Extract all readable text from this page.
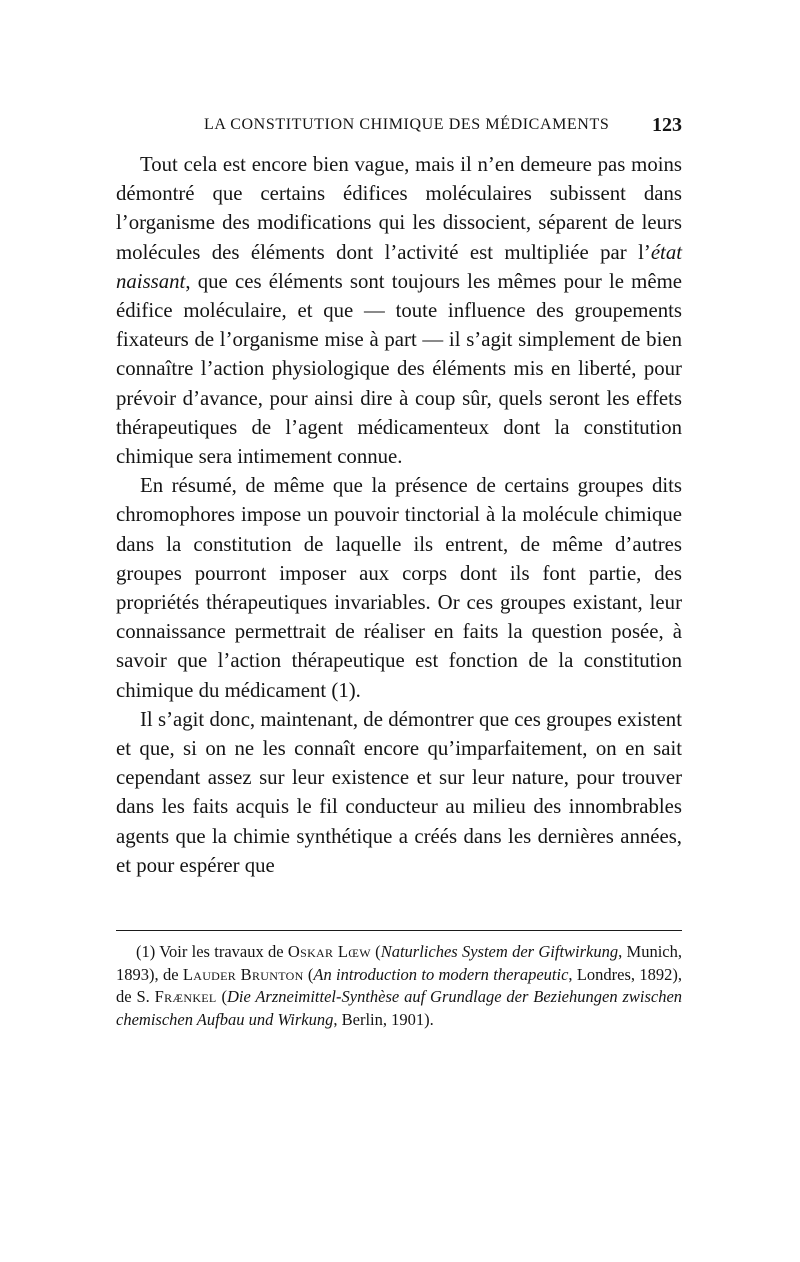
LA CONSTITUTION CHIMIQUE DES MÉDICAMENTS 123

Tout cela est encore bien vague, mais il n’en demeure pas moins démontré que certains édifices moléculaires subissent dans l’organisme des modifications qui les dissocient, séparent de leurs molécules des éléments dont l’activité est multipliée par l’état naissant, que ces éléments sont toujours les mêmes pour le même édifice moléculaire, et que — toute influence des groupements fixateurs de l’organisme mise à part — il s’agit simplement de bien connaître l’action physiologique des éléments mis en liberté, pour prévoir d’avance, pour ainsi dire à coup sûr, quels seront les effets thérapeutiques de l’agent médicamenteux dont la constitution chimique sera intimement connue.

En résumé, de même que la présence de certains groupes dits chromophores impose un pouvoir tinctorial à la molécule chimique dans la constitution de laquelle ils entrent, de même d’autres groupes pourront imposer aux corps dont ils font partie, des propriétés thérapeutiques invariables. Or ces groupes existant, leur connaissance permettrait de réaliser en faits la question posée, à savoir que l’action thérapeutique est fonction de la constitution chimique du médicament (1).

Il s’agit donc, maintenant, de démontrer que ces groupes existent et que, si on ne les connaît encore qu’imparfaitement, on en sait cependant assez sur leur existence et sur leur nature, pour trouver dans les faits acquis le fil conducteur au milieu des innombrables agents que la chimie synthétique a créés dans les dernières années, et pour espérer que

(1) Voir les travaux de Oskar Lœw (Naturliches System der Giftwirkung, Munich, 1893), de Lauder Brunton (An introduction to modern therapeutic, Londres, 1892), de S. Frænkel (Die Arzneimittel-Synthèse auf Grundlage der Beziehungen zwischen chemischen Aufbau und Wirkung, Berlin, 1901).
